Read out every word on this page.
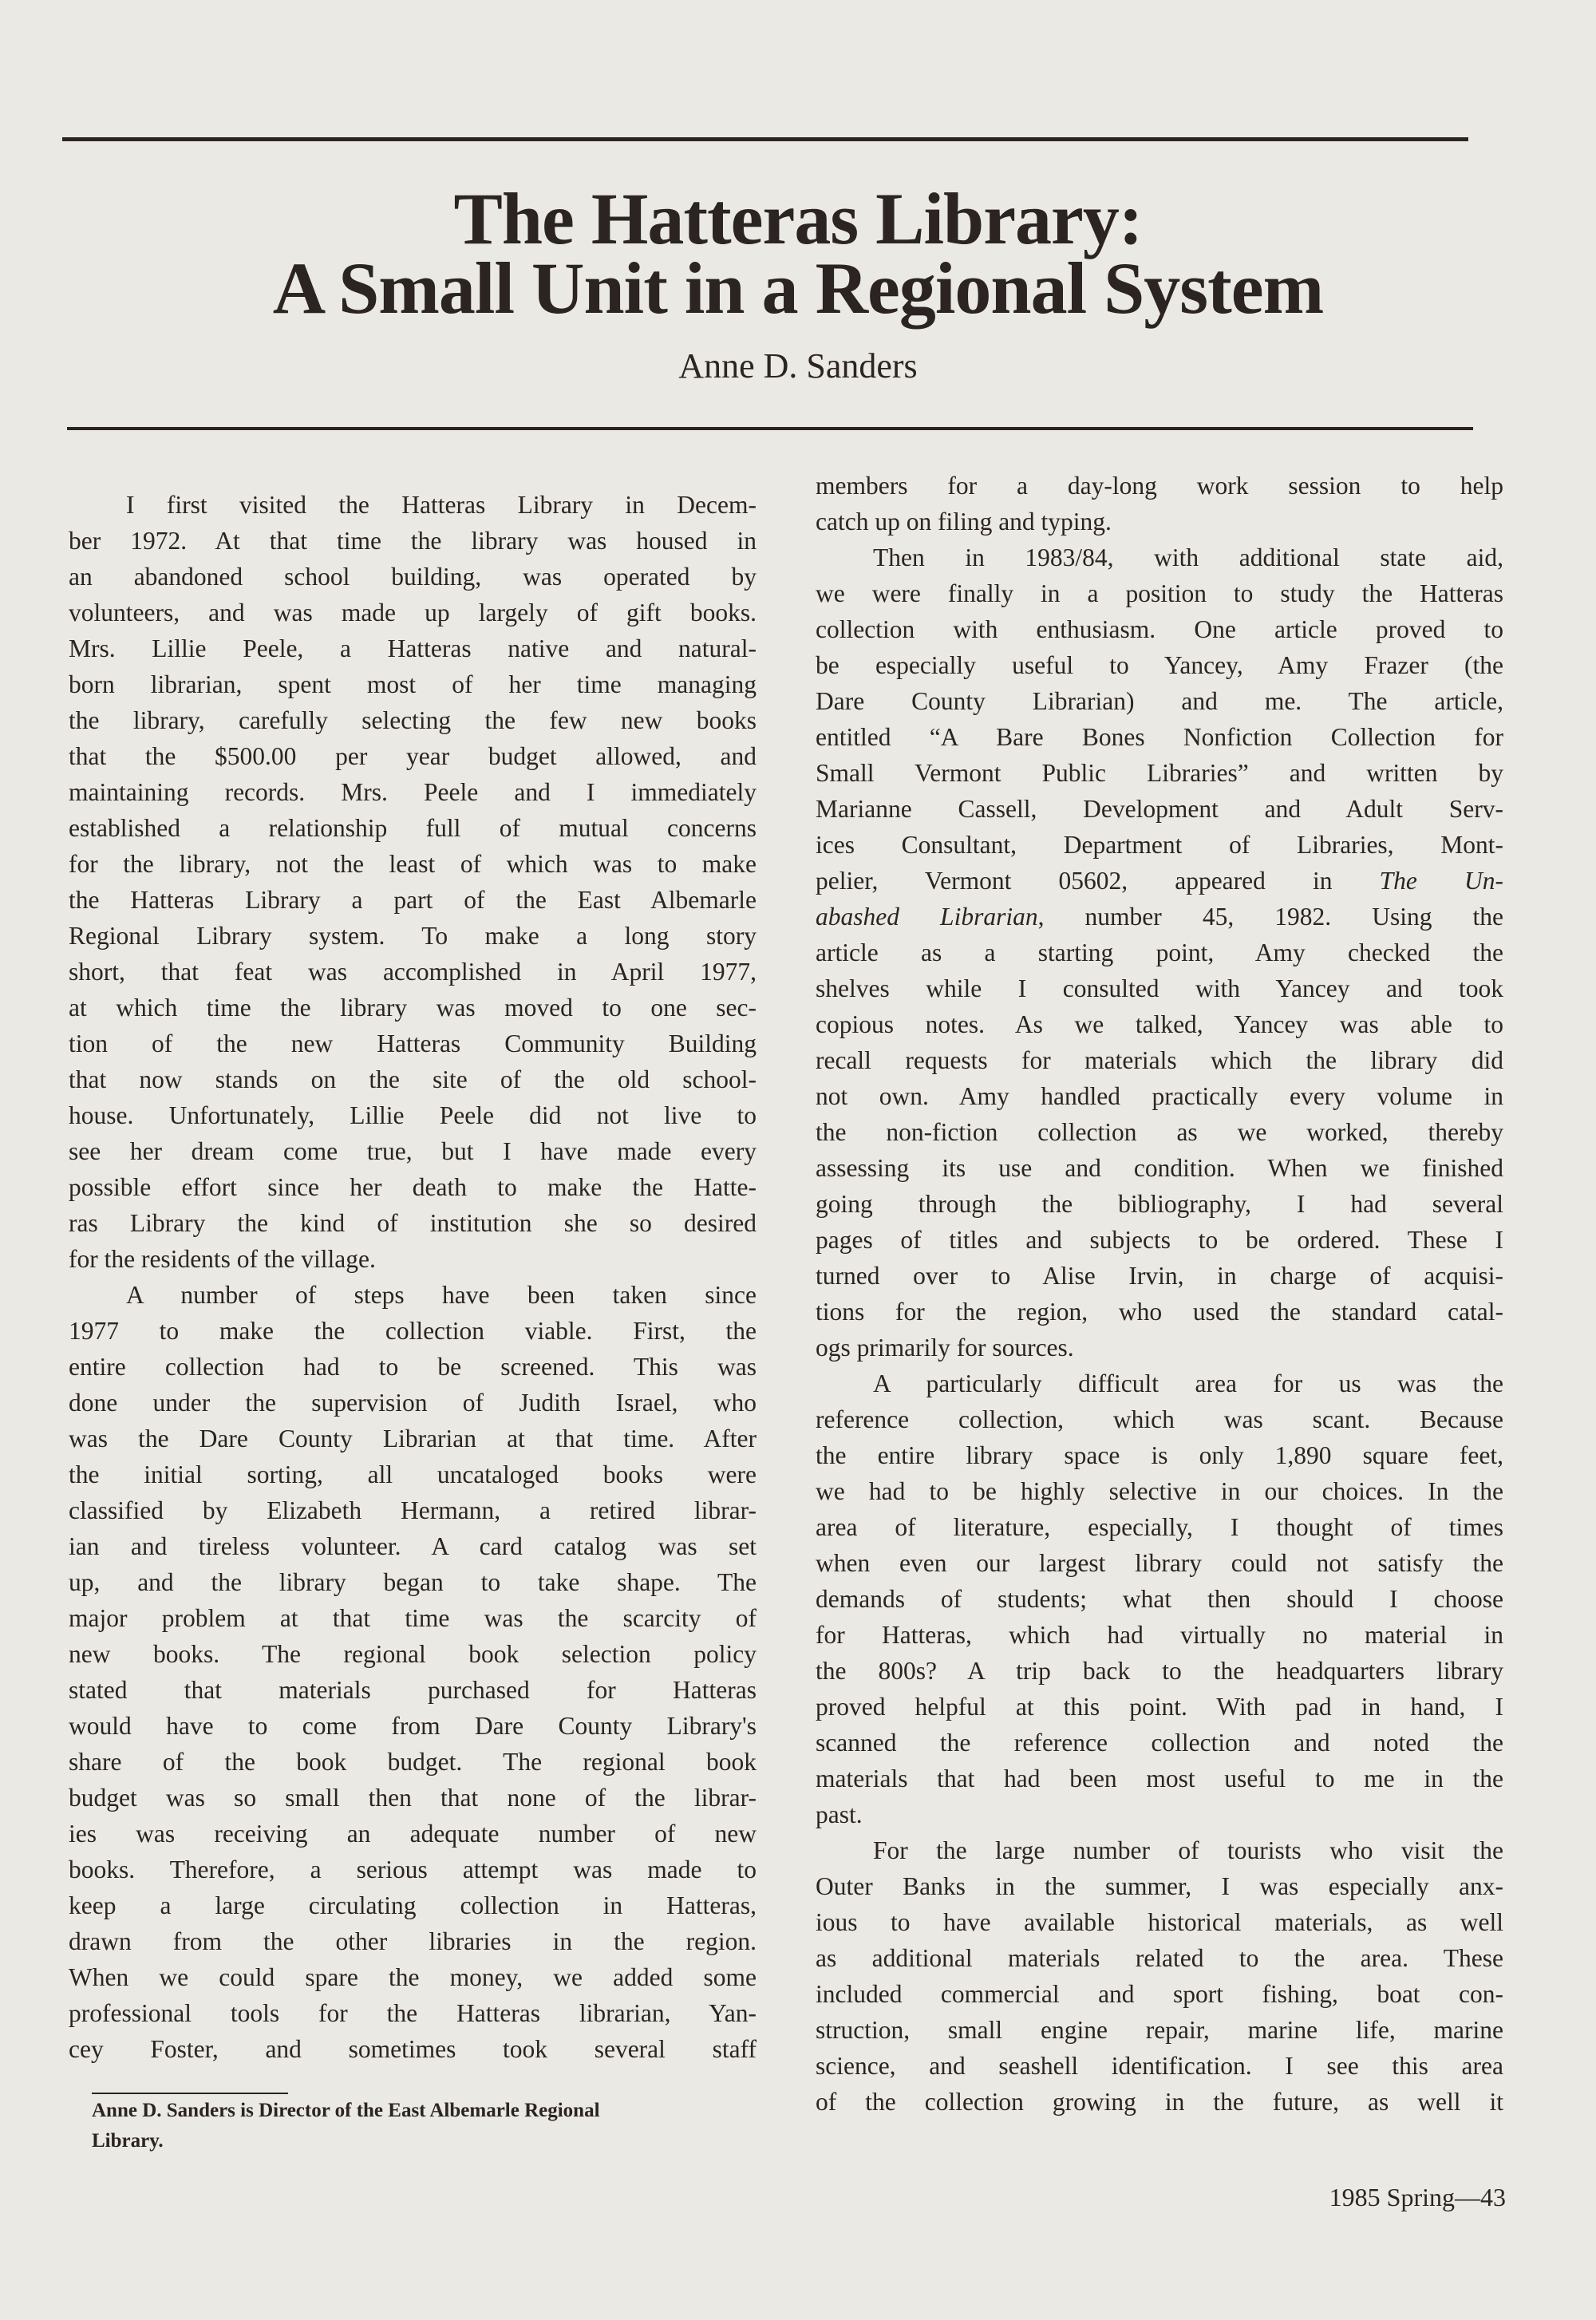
The Hatteras Library:
A Small Unit in a Regional System
Anne D. Sanders
I first visited the Hatteras Library in Decem-
ber 1972. At that time the library was housed in
an abandoned school building, was operated by
volunteers, and was made up largely of gift books.
Mrs. Lillie Peele, a Hatteras native and natural-
born librarian, spent most of her time managing
the library, carefully selecting the few new books
that the $500.00 per year budget allowed, and
maintaining records. Mrs. Peele and I immediately
established a relationship full of mutual concerns
for the library, not the least of which was to make
the Hatteras Library a part of the East Albemarle
Regional Library system. To make a long story
short, that feat was accomplished in April 1977,
at which time the library was moved to one sec-
tion of the new Hatteras Community Building
that now stands on the site of the old school-
house. Unfortunately, Lillie Peele did not live to
see her dream come true, but I have made every
possible effort since her death to make the Hatte-
ras Library the kind of institution she so desired
for the residents of the village.
A number of steps have been taken since
1977 to make the collection viable. First, the
entire collection had to be screened. This was
done under the supervision of Judith Israel, who
was the Dare County Librarian at that time. After
the initial sorting, all uncataloged books were
classified by Elizabeth Hermann, a retired librar-
ian and tireless volunteer. A card catalog was set
up, and the library began to take shape. The
major problem at that time was the scarcity of
new books. The regional book selection policy
stated that materials purchased for Hatteras
would have to come from Dare County Library's
share of the book budget. The regional book
budget was so small then that none of the librar-
ies was receiving an adequate number of new
books. Therefore, a serious attempt was made to
keep a large circulating collection in Hatteras,
drawn from the other libraries in the region.
When we could spare the money, we added some
professional tools for the Hatteras librarian, Yan-
cey Foster, and sometimes took several staff
members for a day-long work session to help
catch up on filing and typing.
Then in 1983/84, with additional state aid,
we were finally in a position to study the Hatteras
collection with enthusiasm. One article proved to
be especially useful to Yancey, Amy Frazer (the
Dare County Librarian) and me. The article,
entitled “A Bare Bones Nonfiction Collection for
Small Vermont Public Libraries” and written by
Marianne Cassell, Development and Adult Serv-
ices Consultant, Department of Libraries, Mont-
pelier, Vermont 05602, appeared in The Un-
abashed Librarian, number 45, 1982. Using the
article as a starting point, Amy checked the
shelves while I consulted with Yancey and took
copious notes. As we talked, Yancey was able to
recall requests for materials which the library did
not own. Amy handled practically every volume in
the non-fiction collection as we worked, thereby
assessing its use and condition. When we finished
going through the bibliography, I had several
pages of titles and subjects to be ordered. These I
turned over to Alise Irvin, in charge of acquisi-
tions for the region, who used the standard catal-
ogs primarily for sources.
A particularly difficult area for us was the
reference collection, which was scant. Because
the entire library space is only 1,890 square feet,
we had to be highly selective in our choices. In the
area of literature, especially, I thought of times
when even our largest library could not satisfy the
demands of students; what then should I choose
for Hatteras, which had virtually no material in
the 800s? A trip back to the headquarters library
proved helpful at this point. With pad in hand, I
scanned the reference collection and noted the
materials that had been most useful to me in the
past.
For the large number of tourists who visit the
Outer Banks in the summer, I was especially anx-
ious to have available historical materials, as well
as additional materials related to the area. These
included commercial and sport fishing, boat con-
struction, small engine repair, marine life, marine
science, and seashell identification. I see this area
of the collection growing in the future, as well it
Anne D. Sanders is Director of the East Albemarle Regional
Library.
1985 Spring—43
